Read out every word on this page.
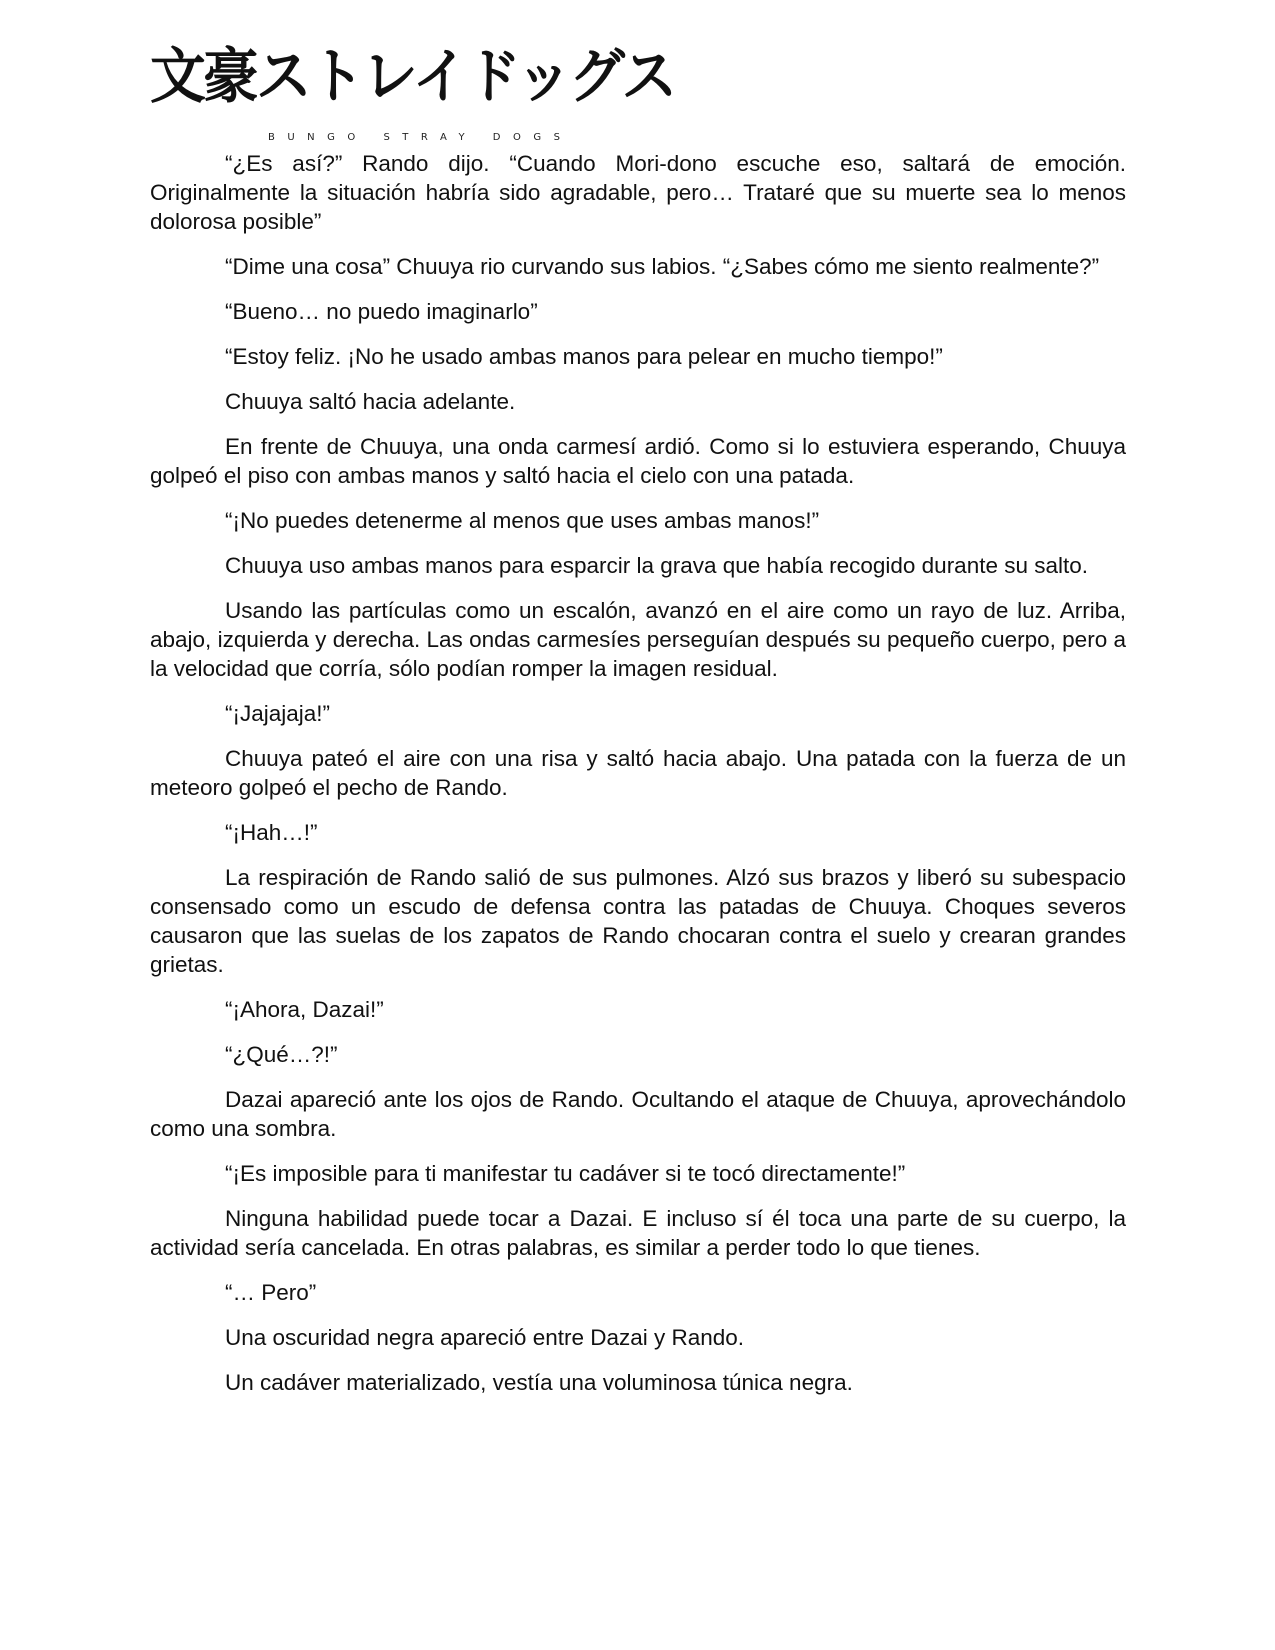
文豪ストレイドッグス
BUNGO STRAY DOGS

“¿Es así?” Rando dijo. “Cuando Mori-dono escuche eso, saltará de emoción. Originalmente la situación habría sido agradable, pero… Trataré que su muerte sea lo menos dolorosa posible”

“Dime una cosa” Chuuya rio curvando sus labios. “¿Sabes cómo me siento realmente?”

“Bueno… no puedo imaginarlo”

“Estoy feliz. ¡No he usado ambas manos para pelear en mucho tiempo!”

Chuuya saltó hacia adelante.

En frente de Chuuya, una onda carmesí ardió. Como si lo estuviera esperando, Chuuya golpeó el piso con ambas manos y saltó hacia el cielo con una patada.

“¡No puedes detenerme al menos que uses ambas manos!”

Chuuya uso ambas manos para esparcir la grava que había recogido durante su salto.

Usando las partículas como un escalón, avanzó en el aire como un rayo de luz. Arriba, abajo, izquierda y derecha. Las ondas carmesíes perseguían después su pequeño cuerpo, pero a la velocidad que corría, sólo podían romper la imagen residual.

“¡Jajajaja!”

Chuuya pateó el aire con una risa y saltó hacia abajo. Una patada con la fuerza de un meteoro golpeó el pecho de Rando.

“¡Hah…!”

La respiración de Rando salió de sus pulmones. Alzó sus brazos y liberó su subespacio consensado como un escudo de defensa contra las patadas de Chuuya. Choques severos causaron que las suelas de los zapatos de Rando chocaran contra el suelo y crearan grandes grietas.

“¡Ahora, Dazai!”

“¿Qué…?!”

Dazai apareció ante los ojos de Rando. Ocultando el ataque de Chuuya, aprovechándolo como una sombra.

“¡Es imposible para ti manifestar tu cadáver si te tocó directamente!”

Ninguna habilidad puede tocar a Dazai. E incluso sí él toca una parte de su cuerpo, la actividad sería cancelada. En otras palabras, es similar a perder todo lo que tienes.

“… Pero”

Una oscuridad negra apareció entre Dazai y Rando.

Un cadáver materializado, vestía una voluminosa túnica negra.
